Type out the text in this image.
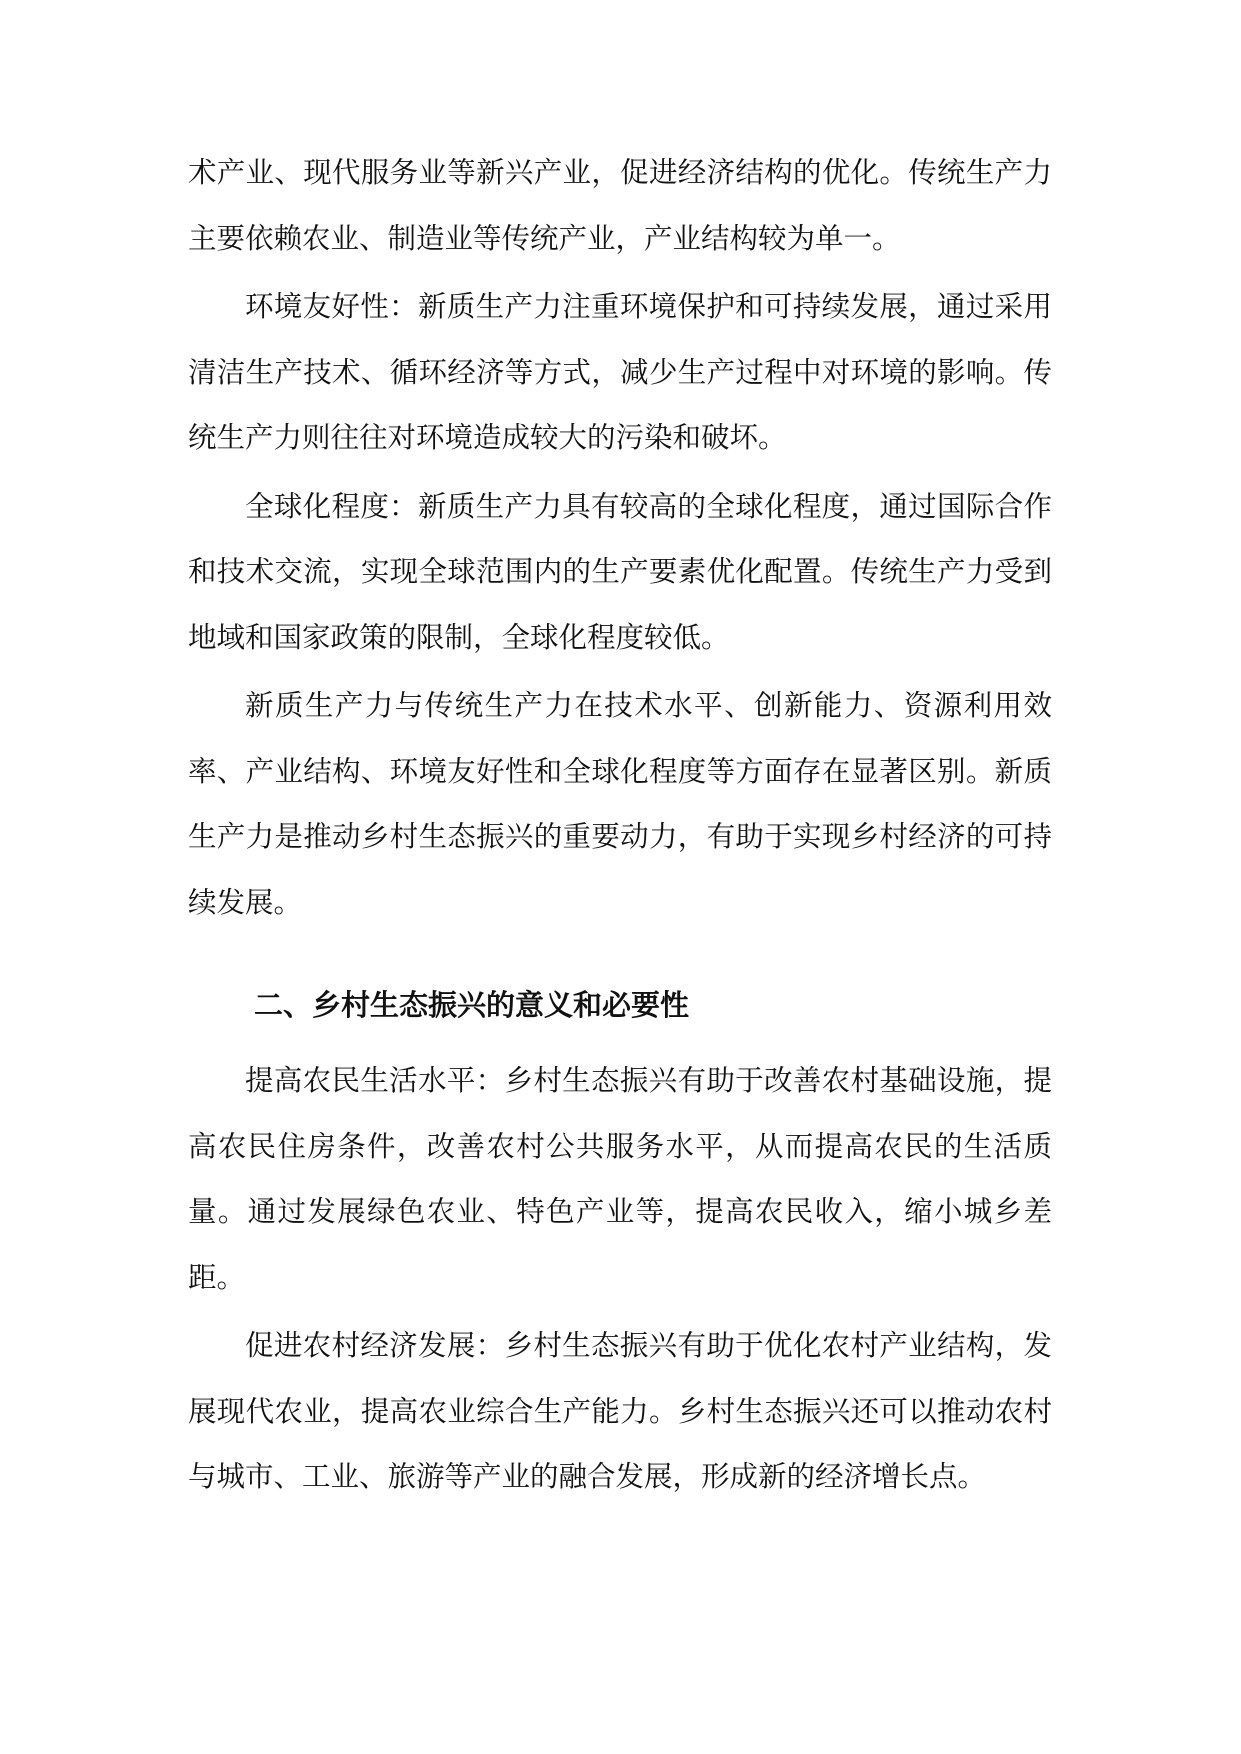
术产业、现代服务业等新兴产业，促进经济结构的优化。传统生产力主要依赖农业、制造业等传统产业，产业结构较为单一。

环境友好性：新质生产力注重环境保护和可持续发展，通过采用清洁生产技术、循环经济等方式，减少生产过程中对环境的影响。传统生产力则往往对环境造成较大的污染和破坏。

全球化程度：新质生产力具有较高的全球化程度，通过国际合作和技术交流，实现全球范围内的生产要素优化配置。传统生产力受到地域和国家政策的限制，全球化程度较低。

新质生产力与传统生产力在技术水平、创新能力、资源利用效率、产业结构、环境友好性和全球化程度等方面存在显著区别。新质生产力是推动乡村生态振兴的重要动力，有助于实现乡村经济的可持续发展。

二、乡村生态振兴的意义和必要性

提高农民生活水平：乡村生态振兴有助于改善农村基础设施，提高农民住房条件，改善农村公共服务水平，从而提高农民的生活质量。通过发展绿色农业、特色产业等，提高农民收入，缩小城乡差距。

促进农村经济发展：乡村生态振兴有助于优化农村产业结构，发展现代农业，提高农业综合生产能力。乡村生态振兴还可以推动农村与城市、工业、旅游等产业的融合发展，形成新的经济增长点。
